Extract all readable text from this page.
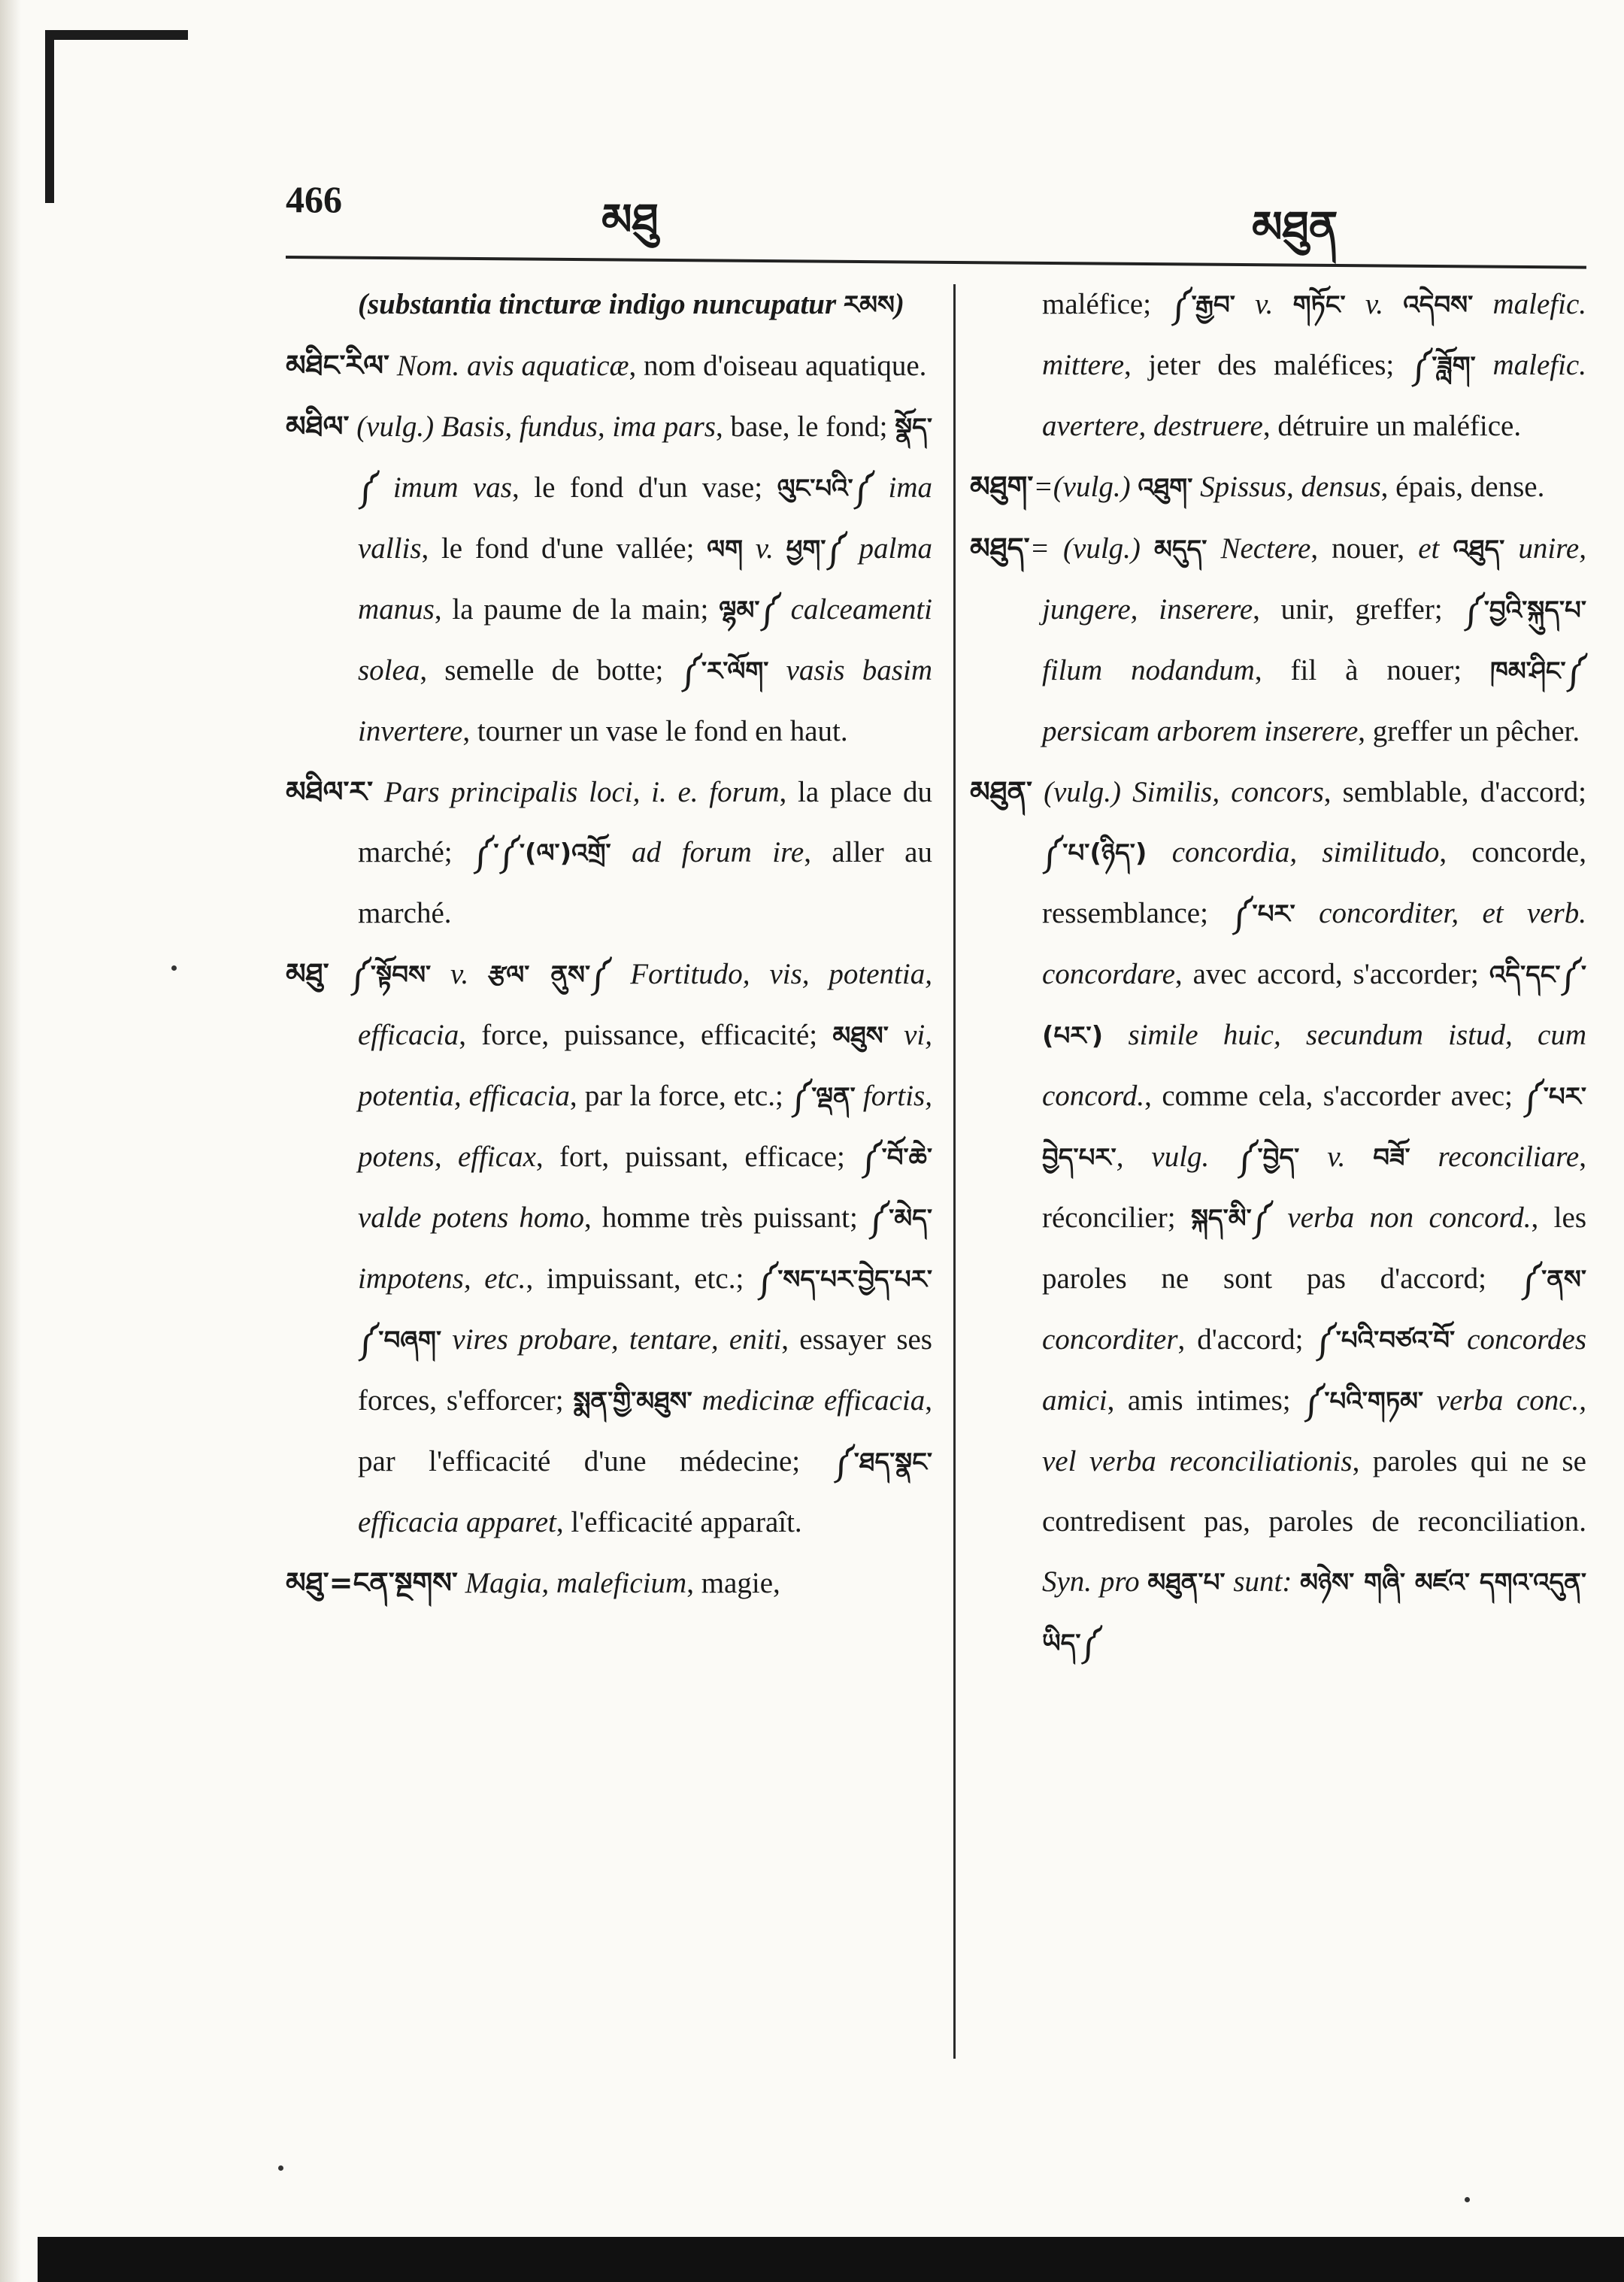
466	མཐུ	མཐུན

(substantia tincturæ indigo nuncupatur རམས)

མཐིང་རིལ་ Nom. avis aquaticæ, nom d'oiseau aquatique.

མཐིལ་ (vulg.) Basis, fundus, ima pars, base, le fond; སྣོད་༼ imum vas, le fond d'un vase; ལུང་པའི་༼ ima vallis, le fond d'une vallée; ལག v. ཕྱག་༼ palma manus, la paume de la main; ལྷམ་༼ calceamenti solea, semelle de botte; ༼་ར་ལོག་ vasis basim invertere, tourner un vase le fond en haut.

མཐིལ་ར་ Pars principalis loci, i. e. forum, la place du marché; ༼་༼་(ལ་)འགྲོ་ ad forum ire, aller au marché.

མཐུ་ ༼་སྟོབས་ v. རྩལ་ ནུས་༼ Fortitudo, vis, potentia, efficacia, force, puissance, efficacité; མཐུས་ vi, potentia, efficacia, par la force, etc.; ༼་ལྡན་ fortis, potens, efficax, fort, puissant, efficace; ༼་བོ་ཆེ་ valde potens homo, homme très puissant; ༼་མེད་ impotens, etc., impuissant, etc.; ༼་སད་པར་བྱེད་པར་ ༼་བཞག་ vires probare, tentare, eniti, essayer ses forces, s'efforcer; སྨན་གྱི་མཐུས་ medicinæ efficacia, par l'efficacité d'une médecine; ༼་ཐད་སྣང་ efficacia apparet, l'efficacité apparaît.

མཐུ་=ངན་སྔགས་ Magia, maleficium, magie,

maléfice; ༼་རྒྱབ་ v. གཏོང་ v. འདེབས་ malefic. mittere, jeter des maléfices; ༼་ཟློག་ malefic. avertere, destruere, détruire un maléfice.

མཐུག་=(vulg.) འཐུག་ Spissus, densus, épais, dense.

མཐུད་= (vulg.) མདུད་ Nectere, nouer, et འཐུད་ unire, jungere, inserere, unir, greffer; ༼་བྱའི་སྐུད་པ་ filum nodandum, fil à nouer; ཁམ་ཤིང་༼ persicam arborem inserere, greffer un pêcher.

མཐུན་ (vulg.) Similis, concors, semblable, d'accord; ༼་པ་(ཉིད་) concordia, similitudo, concorde, ressemblance; ༼་པར་ concorditer, et verb. concordare, avec accord, s'accorder; འདི་དང་༼་(པར་) simile huic, secundum istud, cum concord., comme cela, s'accorder avec; ༼་པར་བྱེད་པར་, vulg. ༼་བྱེད་ v. བཟོ་ reconciliare, réconcilier; སྐད་མི་༼ verba non concord., les paroles ne sont pas d'accord; ༼་ནས་ concorditer, d'accord; ༼་པའི་བཙའ་བོ་ concordes amici, amis intimes; ༼་པའི་གཏམ་ verba conc., vel verba reconciliationis, paroles qui ne se contredisent pas, paroles de reconciliation. Syn. pro མཐུན་པ་ sunt: མཉེས་ གཞི་ མཛའ་ དགའ་འདུན་ ཡིད་༼
